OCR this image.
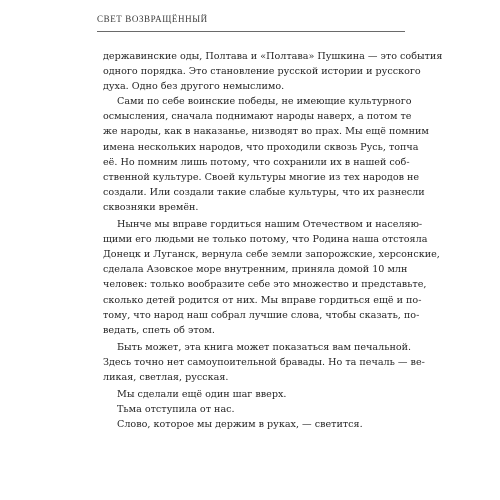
СВЕТ ВОЗВРАЩЁННЫЙ

державинские оды, Полтава и «Полтава» Пушкина — это события
одного порядка. Это становление русской истории и русского
духа. Одно без другого немыслимо.

Сами по себе воинские победы, не имеющие культурного
осмысления, сначала поднимают народы наверх, а потом те
же народы, как в наказанье, низводят во прах. Мы ещё помним
имена нескольких народов, что проходили сквозь Русь, топча
её. Но помним лишь потому, что сохранили их в нашей соб-
ственной культуре. Своей культуры многие из тех народов не
создали. Или создали такие слабые культуры, что их разнесли
сквозняки времён.

Нынче мы вправе гордиться нашим Отечеством и населяю-
щими его людьми не только потому, что Родина наша отстояла
Донецк и Луганск, вернула себе земли запорожские, херсонские,
сделала Азовское море внутренним, приняла домой 10 млн
человек: только вообразите себе это множество и представьте,
сколько детей родится от них. Мы вправе гордиться ещё и по-
тому, что народ наш собрал лучшие слова, чтобы сказать, по-
ведать, спеть об этом.

Быть может, эта книга может показаться вам печальной.
Здесь точно нет самоупоительной бравады. Но та печаль — ве-
ликая, светлая, русская.

Мы сделали ещё один шаг вверх.

Тьма отступила от нас.

Слово, которое мы держим в руках, — светится.
